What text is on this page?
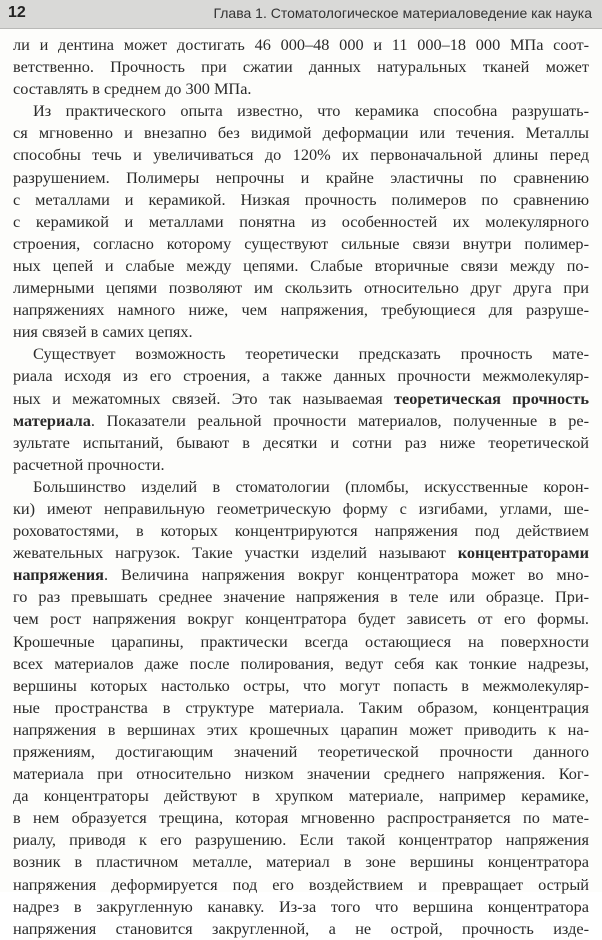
12	Глава 1. Стоматологическое материаловедение как наука
ли и дентина может достигать 46 000–48 000 и 11 000–18 000 МПа соот-
ветственно. Прочность при сжатии данных натуральных тканей может
составлять в среднем до 300 МПа.
Из практического опыта известно, что керамика способна разрушать-
ся мгновенно и внезапно без видимой деформации или течения. Металлы
способны течь и увеличиваться до 120% их первоначальной длины перед
разрушением. Полимеры непрочны и крайне эластичны по сравнению
с металлами и керамикой. Низкая прочность полимеров по сравнению
с керамикой и металлами понятна из особенностей их молекулярного
строения, согласно которому существуют сильные связи внутри полимер-
ных цепей и слабые между цепями. Слабые вторичные связи между по-
лимерными цепями позволяют им скользить относительно друг друга при
напряжениях намного ниже, чем напряжения, требующиеся для разруше-
ния связей в самих цепях.
Существует возможность теоретически предсказать прочность мате-
риала исходя из его строения, а также данных прочности межмолекуляр-
ных и межатомных связей. Это так называемая теоретическая прочность
материала. Показатели реальной прочности материалов, полученные в ре-
зультате испытаний, бывают в десятки и сотни раз ниже теоретической
расчетной прочности.
Большинство изделий в стоматологии (пломбы, искусственные корон-
ки) имеют неправильную геометрическую форму с изгибами, углами, ше-
роховатостями, в которых концентрируются напряжения под действием
жевательных нагрузок. Такие участки изделий называют концентраторами
напряжения. Величина напряжения вокруг концентратора может во мно-
го раз превышать среднее значение напряжения в теле или образце. При-
чем рост напряжения вокруг концентратора будет зависеть от его формы.
Крошечные царапины, практически всегда остающиеся на поверхности
всех материалов даже после полирования, ведут себя как тонкие надрезы,
вершины которых настолько остры, что могут попасть в межмолекуляр-
ные пространства в структуре материала. Таким образом, концентрация
напряжения в вершинах этих крошечных царапин может приводить к на-
пряжениям, достигающим значений теоретической прочности данного
материала при относительно низком значении среднего напряжения. Ког-
да концентраторы действуют в хрупком материале, например керамике,
в нем образуется трещина, которая мгновенно распространяется по мате-
риалу, приводя к его разрушению. Если такой концентратор напряжения
возник в пластичном металле, материал в зоне вершины концентратора
напряжения деформируется под его воздействием и превращает острый
надрез в закругленную канавку. Из-за того что вершина концентратора
напряжения становится закругленной, а не острой, прочность изде-
